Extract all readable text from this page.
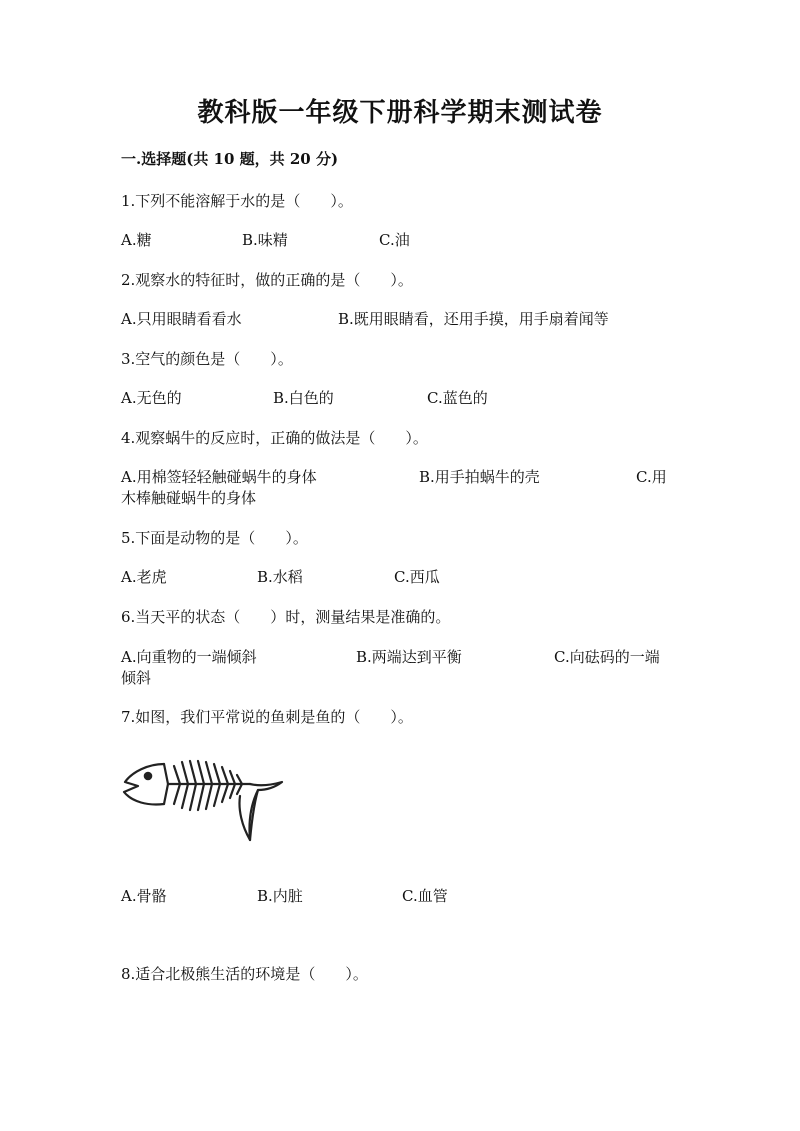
教科版一年级下册科学期末测试卷
一.选择题(共 10 题，共 20 分)
1.下列不能溶解于水的是（　　）。
A.糖	B.味精	C.油
2.观察水的特征时，做的正确的是（　　）。
A.只用眼睛看看水	B.既用眼睛看，还用手摸，用手扇着闻等
3.空气的颜色是（　　）。
A.无色的	B.白色的	C.蓝色的
4.观察蜗牛的反应时，正确的做法是（　　）。
A.用棉签轻轻触碰蜗牛的身体	B.用手拍蜗牛的壳	C.用
木棒触碰蜗牛的身体
5.下面是动物的是（　　）。
A.老虎	B.水稻	C.西瓜
6.当天平的状态（　　）时，测量结果是准确的。
A.向重物的一端倾斜	B.两端达到平衡	C.向砝码的一端
倾斜
7.如图，我们平常说的鱼刺是鱼的（　　）。
A.骨骼	B.内脏	C.血管
8.适合北极熊生活的环境是（　　）。
